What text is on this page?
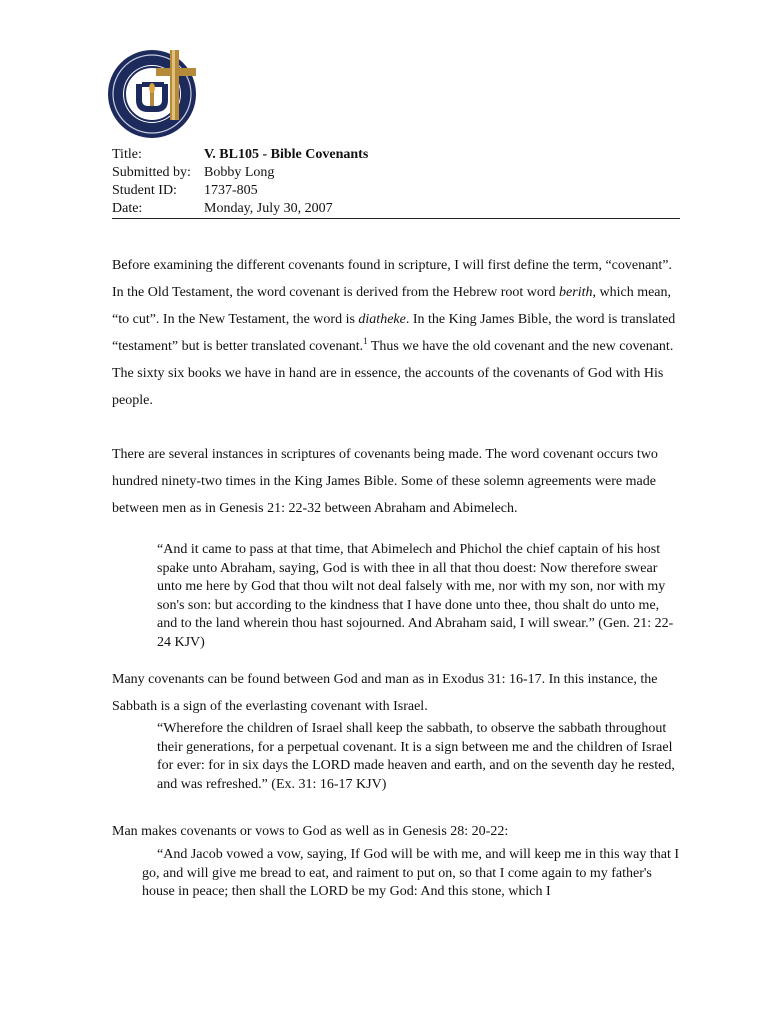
Title:	V. BL105 - Bible Covenants
Submitted by: Bobby Long
Student ID:	1737-805
Date:	Monday, July 30, 2007
Before examining the different covenants found in scripture, I will first define the term, “covenant”. In the Old Testament, the word covenant is derived from the Hebrew root word berith, which mean, “to cut”. In the New Testament, the word is diatheke. In the King James Bible, the word is translated “testament” but is better translated covenant.$^1$ Thus we have the old covenant and the new covenant. The sixty six books we have in hand are in essence, the accounts of the covenants of God with His people.
There are several instances in scriptures of covenants being made. The word covenant occurs two hundred ninety-two times in the King James Bible. Some of these solemn agreements were made between men as in Genesis 21: 22-32 between Abraham and Abimelech.
“And it came to pass at that time, that Abimelech and Phichol the chief captain of his host spake unto Abraham, saying, God is with thee in all that thou doest: Now therefore swear unto me here by God that thou wilt not deal falsely with me, nor with my son, nor with my son's son: but according to the kindness that I have done unto thee, thou shalt do unto me, and to the land wherein thou hast sojourned. And Abraham said, I will swear.” (Gen. 21: 22-24 KJV)
Many covenants can be found between God and man as in Exodus 31: 16-17. In this instance, the Sabbath is a sign of the everlasting covenant with Israel.
“Wherefore the children of Israel shall keep the sabbath, to observe the sabbath throughout their generations, for a perpetual covenant. It is a sign between me and the children of Israel for ever: for in six days the LORD made heaven and earth, and on the seventh day he rested, and was refreshed.” (Ex. 31: 16-17 KJV)
Man makes covenants or vows to God as well as in Genesis 28: 20-22:
“And Jacob vowed a vow, saying, If God will be with me, and will keep me in this way that I go, and will give me bread to eat, and raiment to put on, so that I come again to my father's house in peace; then shall the LORD be my God: And this stone, which I
